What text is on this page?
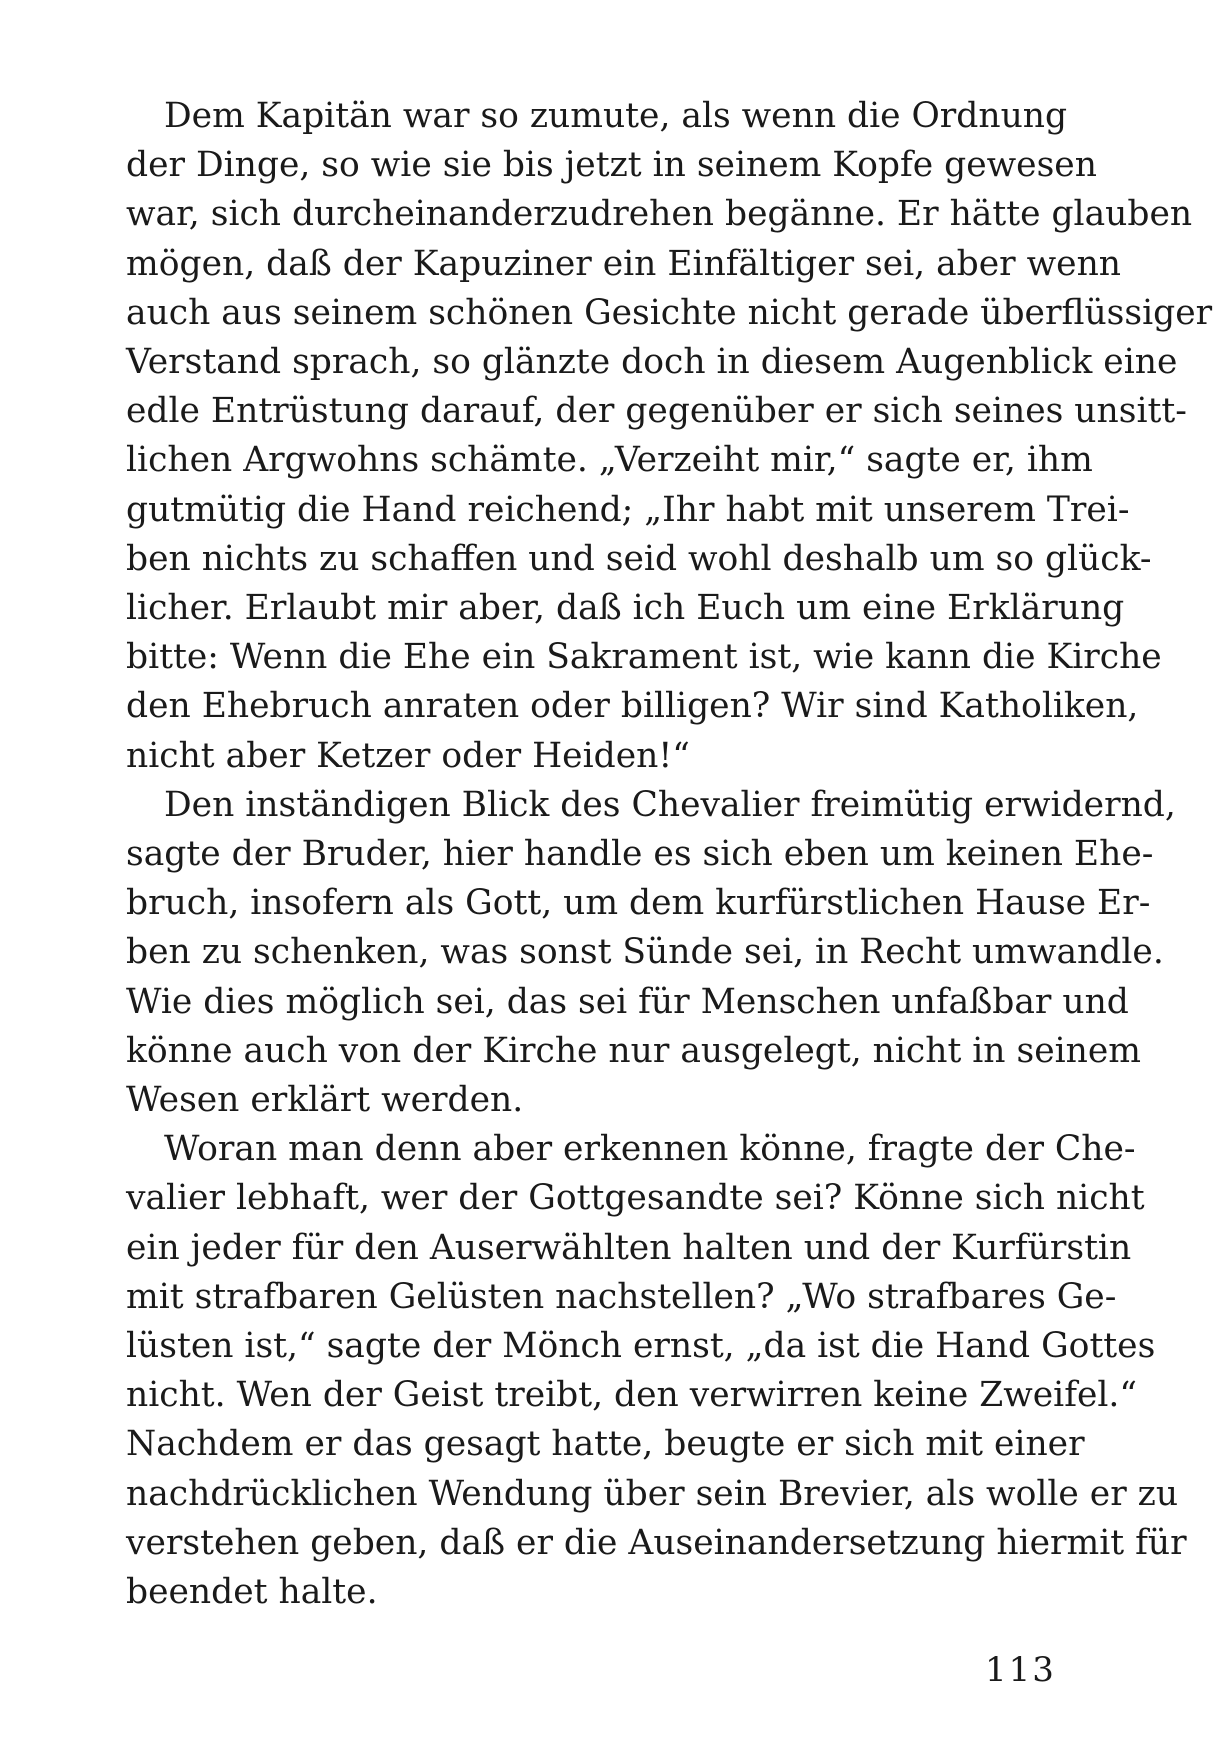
Dem Kapitän war so zumute, als wenn die Ordnung
der Dinge, so wie sie bis jetzt in seinem Kopfe gewesen
war, sich durcheinanderzudrehen begänne. Er hätte glauben
mögen, daß der Kapuziner ein Einfältiger sei, aber wenn
auch aus seinem schönen Gesichte nicht gerade überflüssiger
Verstand sprach, so glänzte doch in diesem Augenblick eine
edle Entrüstung darauf, der gegenüber er sich seines unsitt-
lichen Argwohns schämte. „Verzeiht mir,“ sagte er, ihm
gutmütig die Hand reichend; „Ihr habt mit unserem Trei-
ben nichts zu schaffen und seid wohl deshalb um so glück-
licher. Erlaubt mir aber, daß ich Euch um eine Erklärung
bitte: Wenn die Ehe ein Sakrament ist, wie kann die Kirche
den Ehebruch anraten oder billigen? Wir sind Katholiken,
nicht aber Ketzer oder Heiden!“
Den inständigen Blick des Chevalier freimütig erwidernd,
sagte der Bruder, hier handle es sich eben um keinen Ehe-
bruch, insofern als Gott, um dem kurfürstlichen Hause Er-
ben zu schenken, was sonst Sünde sei, in Recht umwandle.
Wie dies möglich sei, das sei für Menschen unfaßbar und
könne auch von der Kirche nur ausgelegt, nicht in seinem
Wesen erklärt werden.
Woran man denn aber erkennen könne, fragte der Che-
valier lebhaft, wer der Gottgesandte sei? Könne sich nicht
ein jeder für den Auserwählten halten und der Kurfürstin
mit strafbaren Gelüsten nachstellen? „Wo strafbares Ge-
lüsten ist,“ sagte der Mönch ernst, „da ist die Hand Gottes
nicht. Wen der Geist treibt, den verwirren keine Zweifel.“
Nachdem er das gesagt hatte, beugte er sich mit einer
nachdrücklichen Wendung über sein Brevier, als wolle er zu
verstehen geben, daß er die Auseinandersetzung hiermit für
beendet halte.
113
